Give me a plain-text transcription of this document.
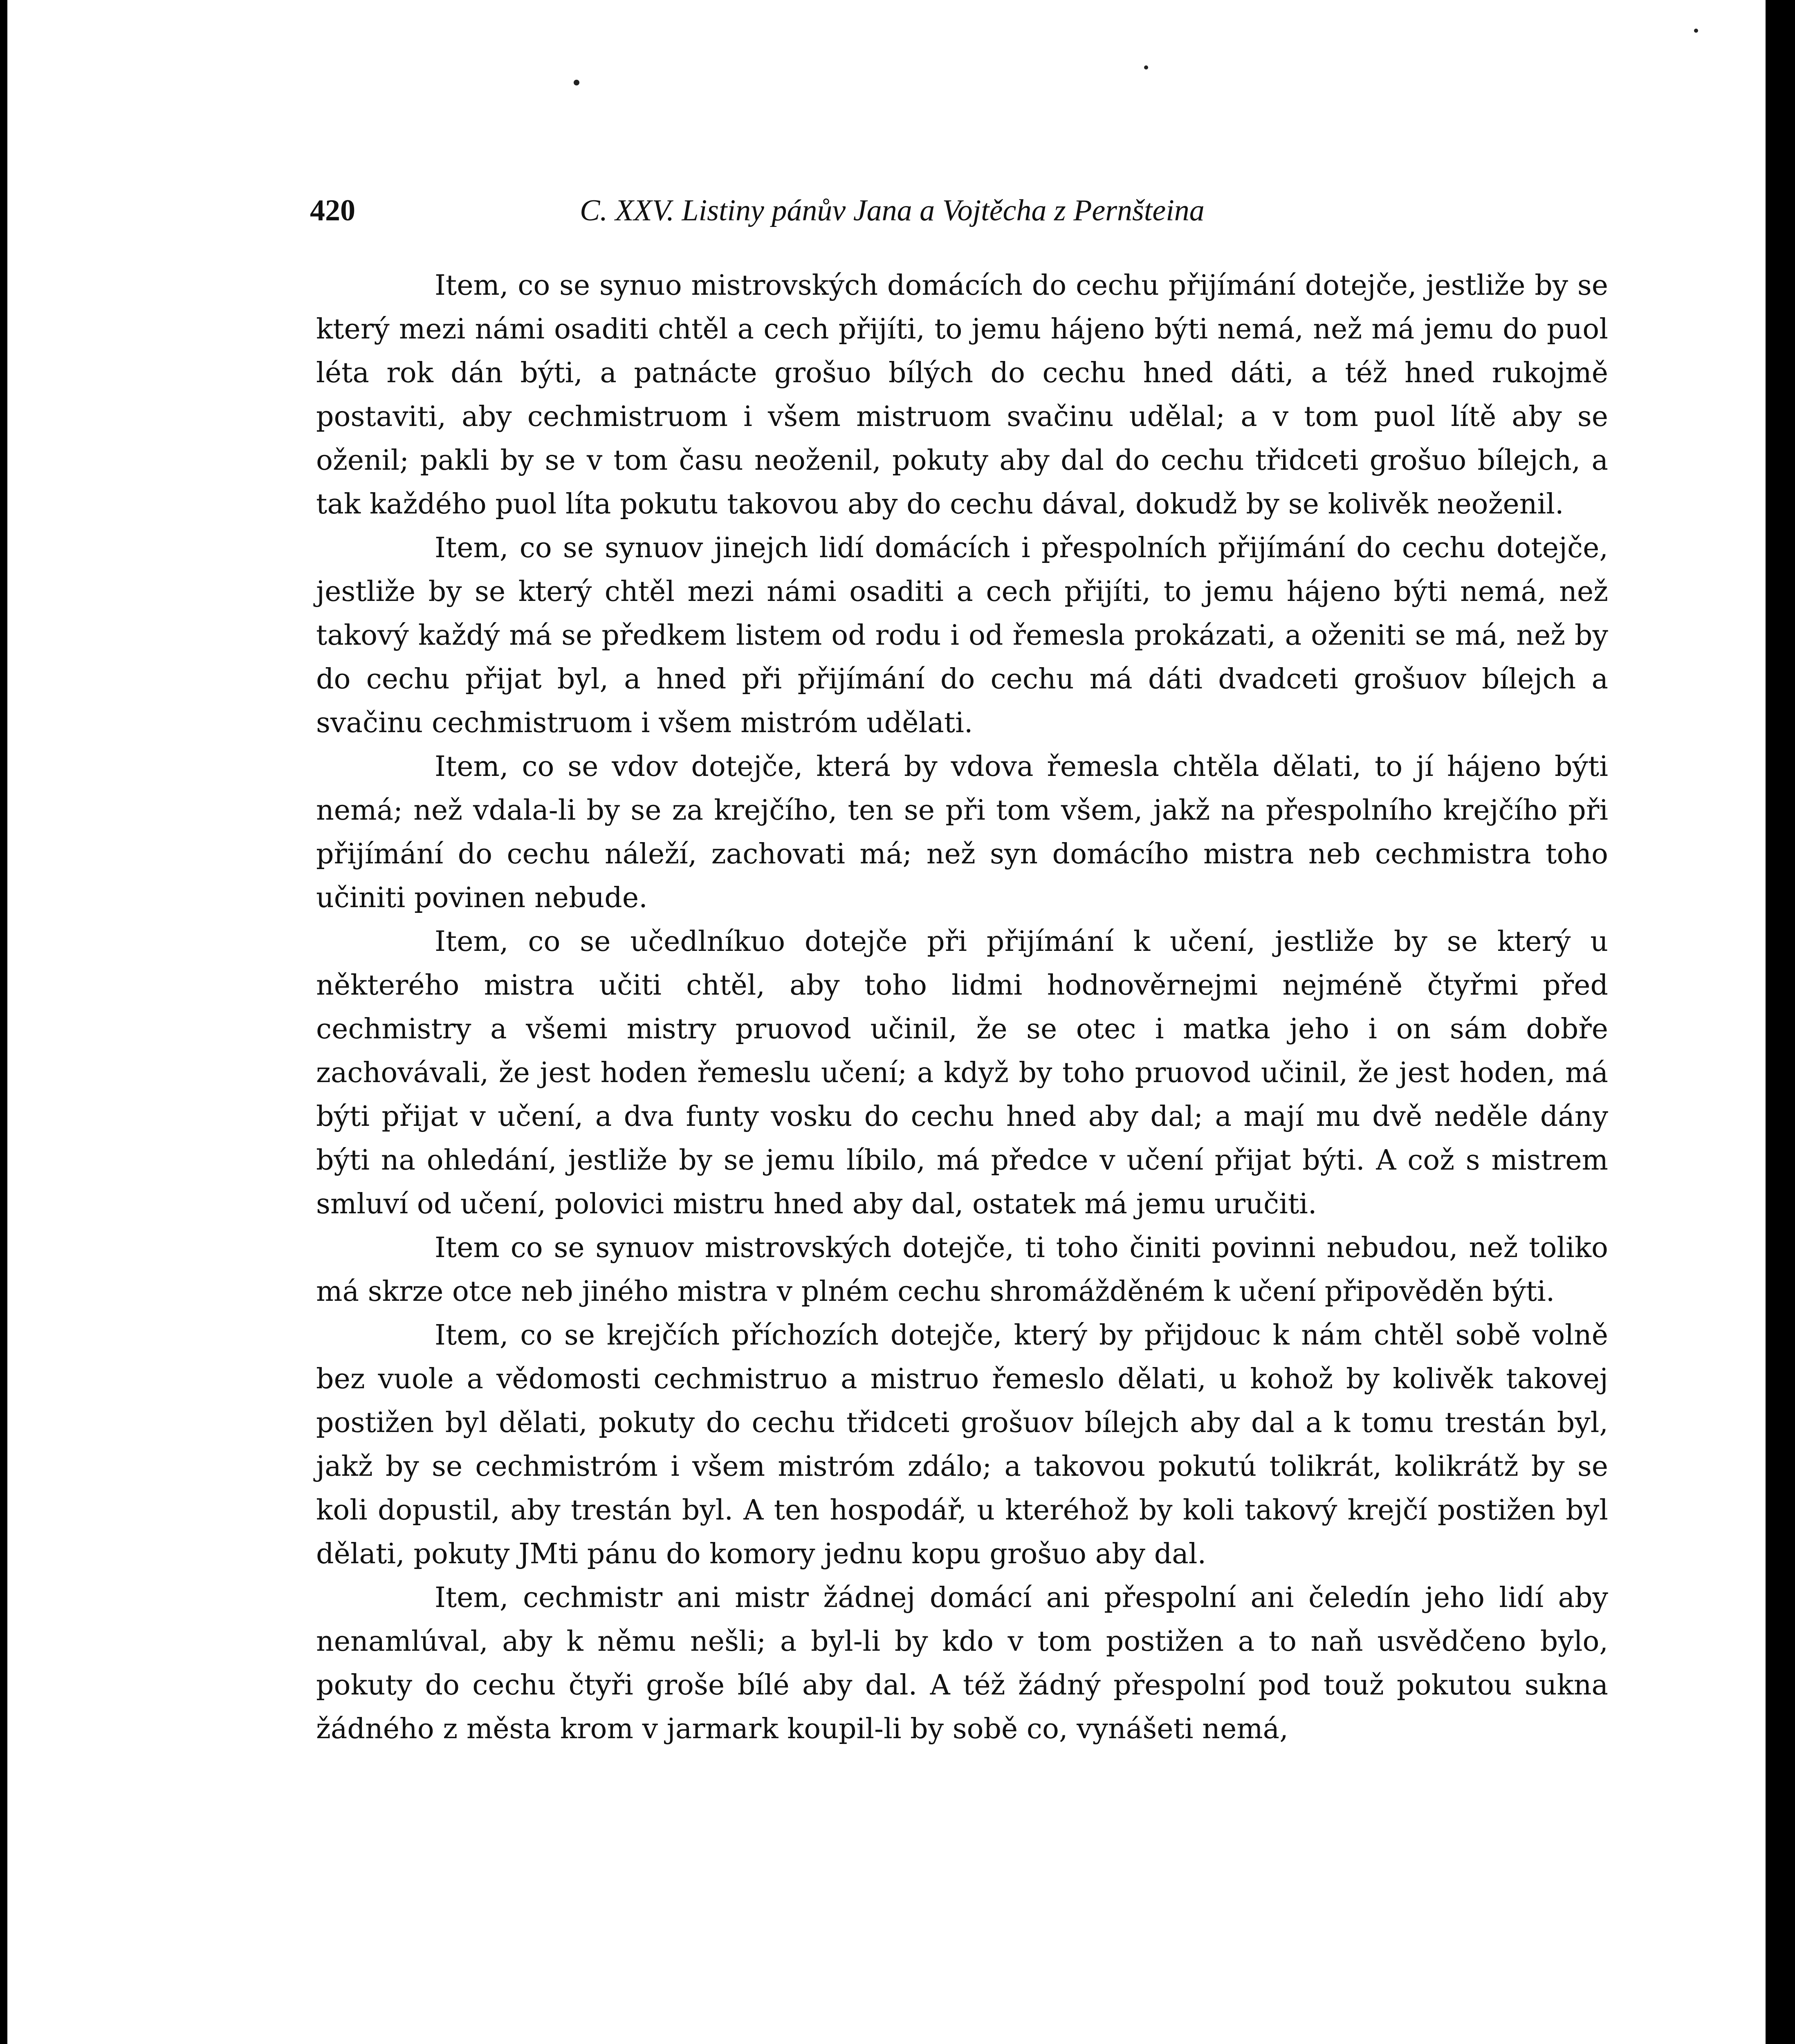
420	C. XXV. Listiny pánův Jana a Vojtěcha z Pernšteina

Item, co se synuo mistrovských domácích do cechu přijímání dotejče, jestliže by se který mezi námi osaditi chtěl a cech přijíti, to jemu hájeno býti nemá, než má jemu do puol léta rok dán býti, a patnácte grošuo bílých do cechu hned dáti, a též hned rukojmě postaviti, aby cechmistruom i všem mistruom svačinu udělal; a v tom puol lítě aby se oženil; pakli by se v tom času neoženil, pokuty aby dal do cechu třidceti grošuo bílejch, a tak každého puol líta pokutu takovou aby do cechu dával, dokudž by se kolivěk neoženil.

Item, co se synuov jinejch lidí domácích i přespolních přijímání do cechu dotejče, jestliže by se který chtěl mezi námi osaditi a cech přijíti, to jemu hájeno býti nemá, než takový každý má se předkem listem od rodu i od řemesla prokázati, a oženiti se má, než by do cechu přijat byl, a hned při přijímání do cechu má dáti dvadceti grošuov bílejch a svačinu cechmistruom i všem mistróm udělati.

Item, co se vdov dotejče, která by vdova řemesla chtěla dělati, to jí hájeno býti nemá; než vdala-li by se za krejčího, ten se při tom všem, jakž na přespolního krejčího při přijímání do cechu náleží, zachovati má; než syn domácího mistra neb cechmistra toho učiniti povinen nebude.

Item, co se učedlníkuo dotejče při přijímání k učení, jestliže by se který u některého mistra učiti chtěl, aby toho lidmi hodnověrnejmi nejméně čtyřmi před cechmistry a všemi mistry pruovod učinil, že se otec i matka jeho i on sám dobře zachovávali, že jest hoden řemeslu učení; a když by toho pruovod učinil, že jest hoden, má býti přijat v učení, a dva funty vosku do cechu hned aby dal; a mají mu dvě neděle dány býti na ohledání, jestliže by se jemu líbilo, má předce v učení přijat býti. A což s mistrem smluví od učení, polovici mistru hned aby dal, ostatek má jemu uručiti.

Item co se synuov mistrovských dotejče, ti toho činiti povinni nebudou, než toliko má skrze otce neb jiného mistra v plném cechu shromážděném k učení připověděn býti.

Item, co se krejčích příchozích dotejče, který by přijdouc k nám chtěl sobě volně bez vuole a vědomosti cechmistruo a mistruo řemeslo dělati, u kohož by kolivěk takovej postižen byl dělati, pokuty do cechu třidceti grošuov bílejch aby dal a k tomu trestán byl, jakž by se cechmistróm i všem mistróm zdálo; a takovou pokutú tolikrát, kolikrátž by se koli dopustil, aby trestán byl. A ten hospodář, u kteréhož by koli takový krejčí postižen byl dělati, pokuty JMti pánu do komory jednu kopu grošuo aby dal.

Item, cechmistr ani mistr žádnej domácí ani přespolní ani čeledín jeho lidí aby nenamlúval, aby k němu nešli; a byl-li by kdo v tom postižen a to naň usvědčeno bylo, pokuty do cechu čtyři groše bílé aby dal. A též žádný přespolní pod touž pokutou sukna žádného z města krom v jarmark koupil-li by sobě co, vynášeti nemá,
